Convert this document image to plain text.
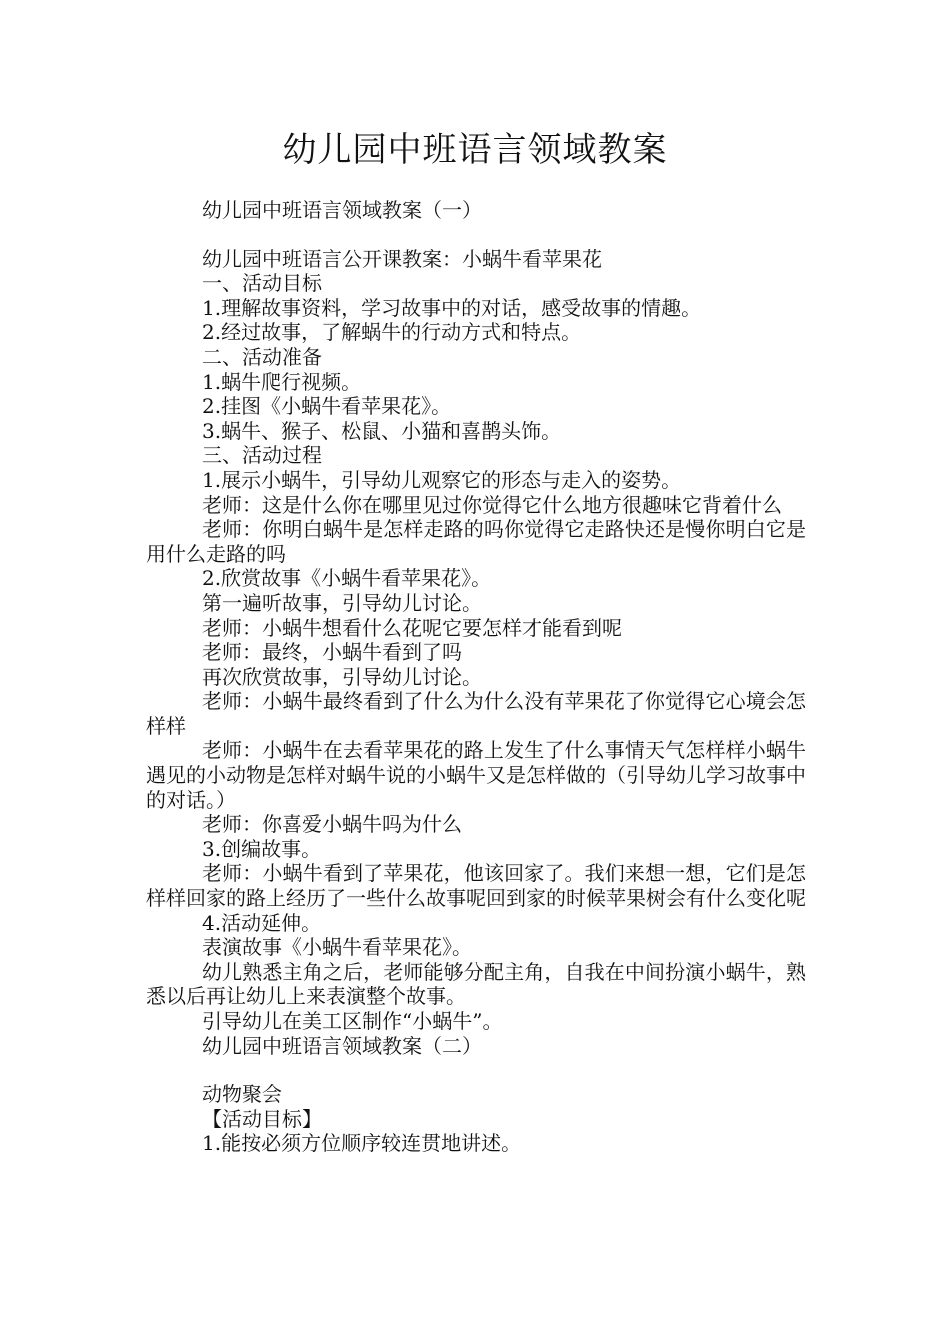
幼儿园中班语言领域教案

幼儿园中班语言领域教案（一）

幼儿园中班语言公开课教案：小蜗牛看苹果花

一、活动目标

1.理解故事资料，学习故事中的对话，感受故事的情趣。

2.经过故事，了解蜗牛的行动方式和特点。

二、活动准备

1.蜗牛爬行视频。

2.挂图《小蜗牛看苹果花》。

3.蜗牛、猴子、松鼠、小猫和喜鹊头饰。

三、活动过程

1.展示小蜗牛，引导幼儿观察它的形态与走入的姿势。

老师：这是什么你在哪里见过你觉得它什么地方很趣味它背着什么

老师：你明白蜗牛是怎样走路的吗你觉得它走路快还是慢你明白它是用什么走路的吗

2.欣赏故事《小蜗牛看苹果花》。

第一遍听故事，引导幼儿讨论。

老师：小蜗牛想看什么花呢它要怎样才能看到呢

老师：最终，小蜗牛看到了吗

再次欣赏故事，引导幼儿讨论。

老师：小蜗牛最终看到了什么为什么没有苹果花了你觉得它心境会怎样样

老师：小蜗牛在去看苹果花的路上发生了什么事情天气怎样样小蜗牛遇见的小动物是怎样对蜗牛说的小蜗牛又是怎样做的（引导幼儿学习故事中的对话。）

老师：你喜爱小蜗牛吗为什么

3.创编故事。

老师：小蜗牛看到了苹果花，他该回家了。我们来想一想，它们是怎样样回家的路上经历了一些什么故事呢回到家的时候苹果树会有什么变化呢

4.活动延伸。

表演故事《小蜗牛看苹果花》。

幼儿熟悉主角之后，老师能够分配主角，自我在中间扮演小蜗牛，熟悉以后再让幼儿上来表演整个故事。

引导幼儿在美工区制作“小蜗牛”。

幼儿园中班语言领域教案（二）

动物聚会

【活动目标】

1.能按必须方位顺序较连贯地讲述。
